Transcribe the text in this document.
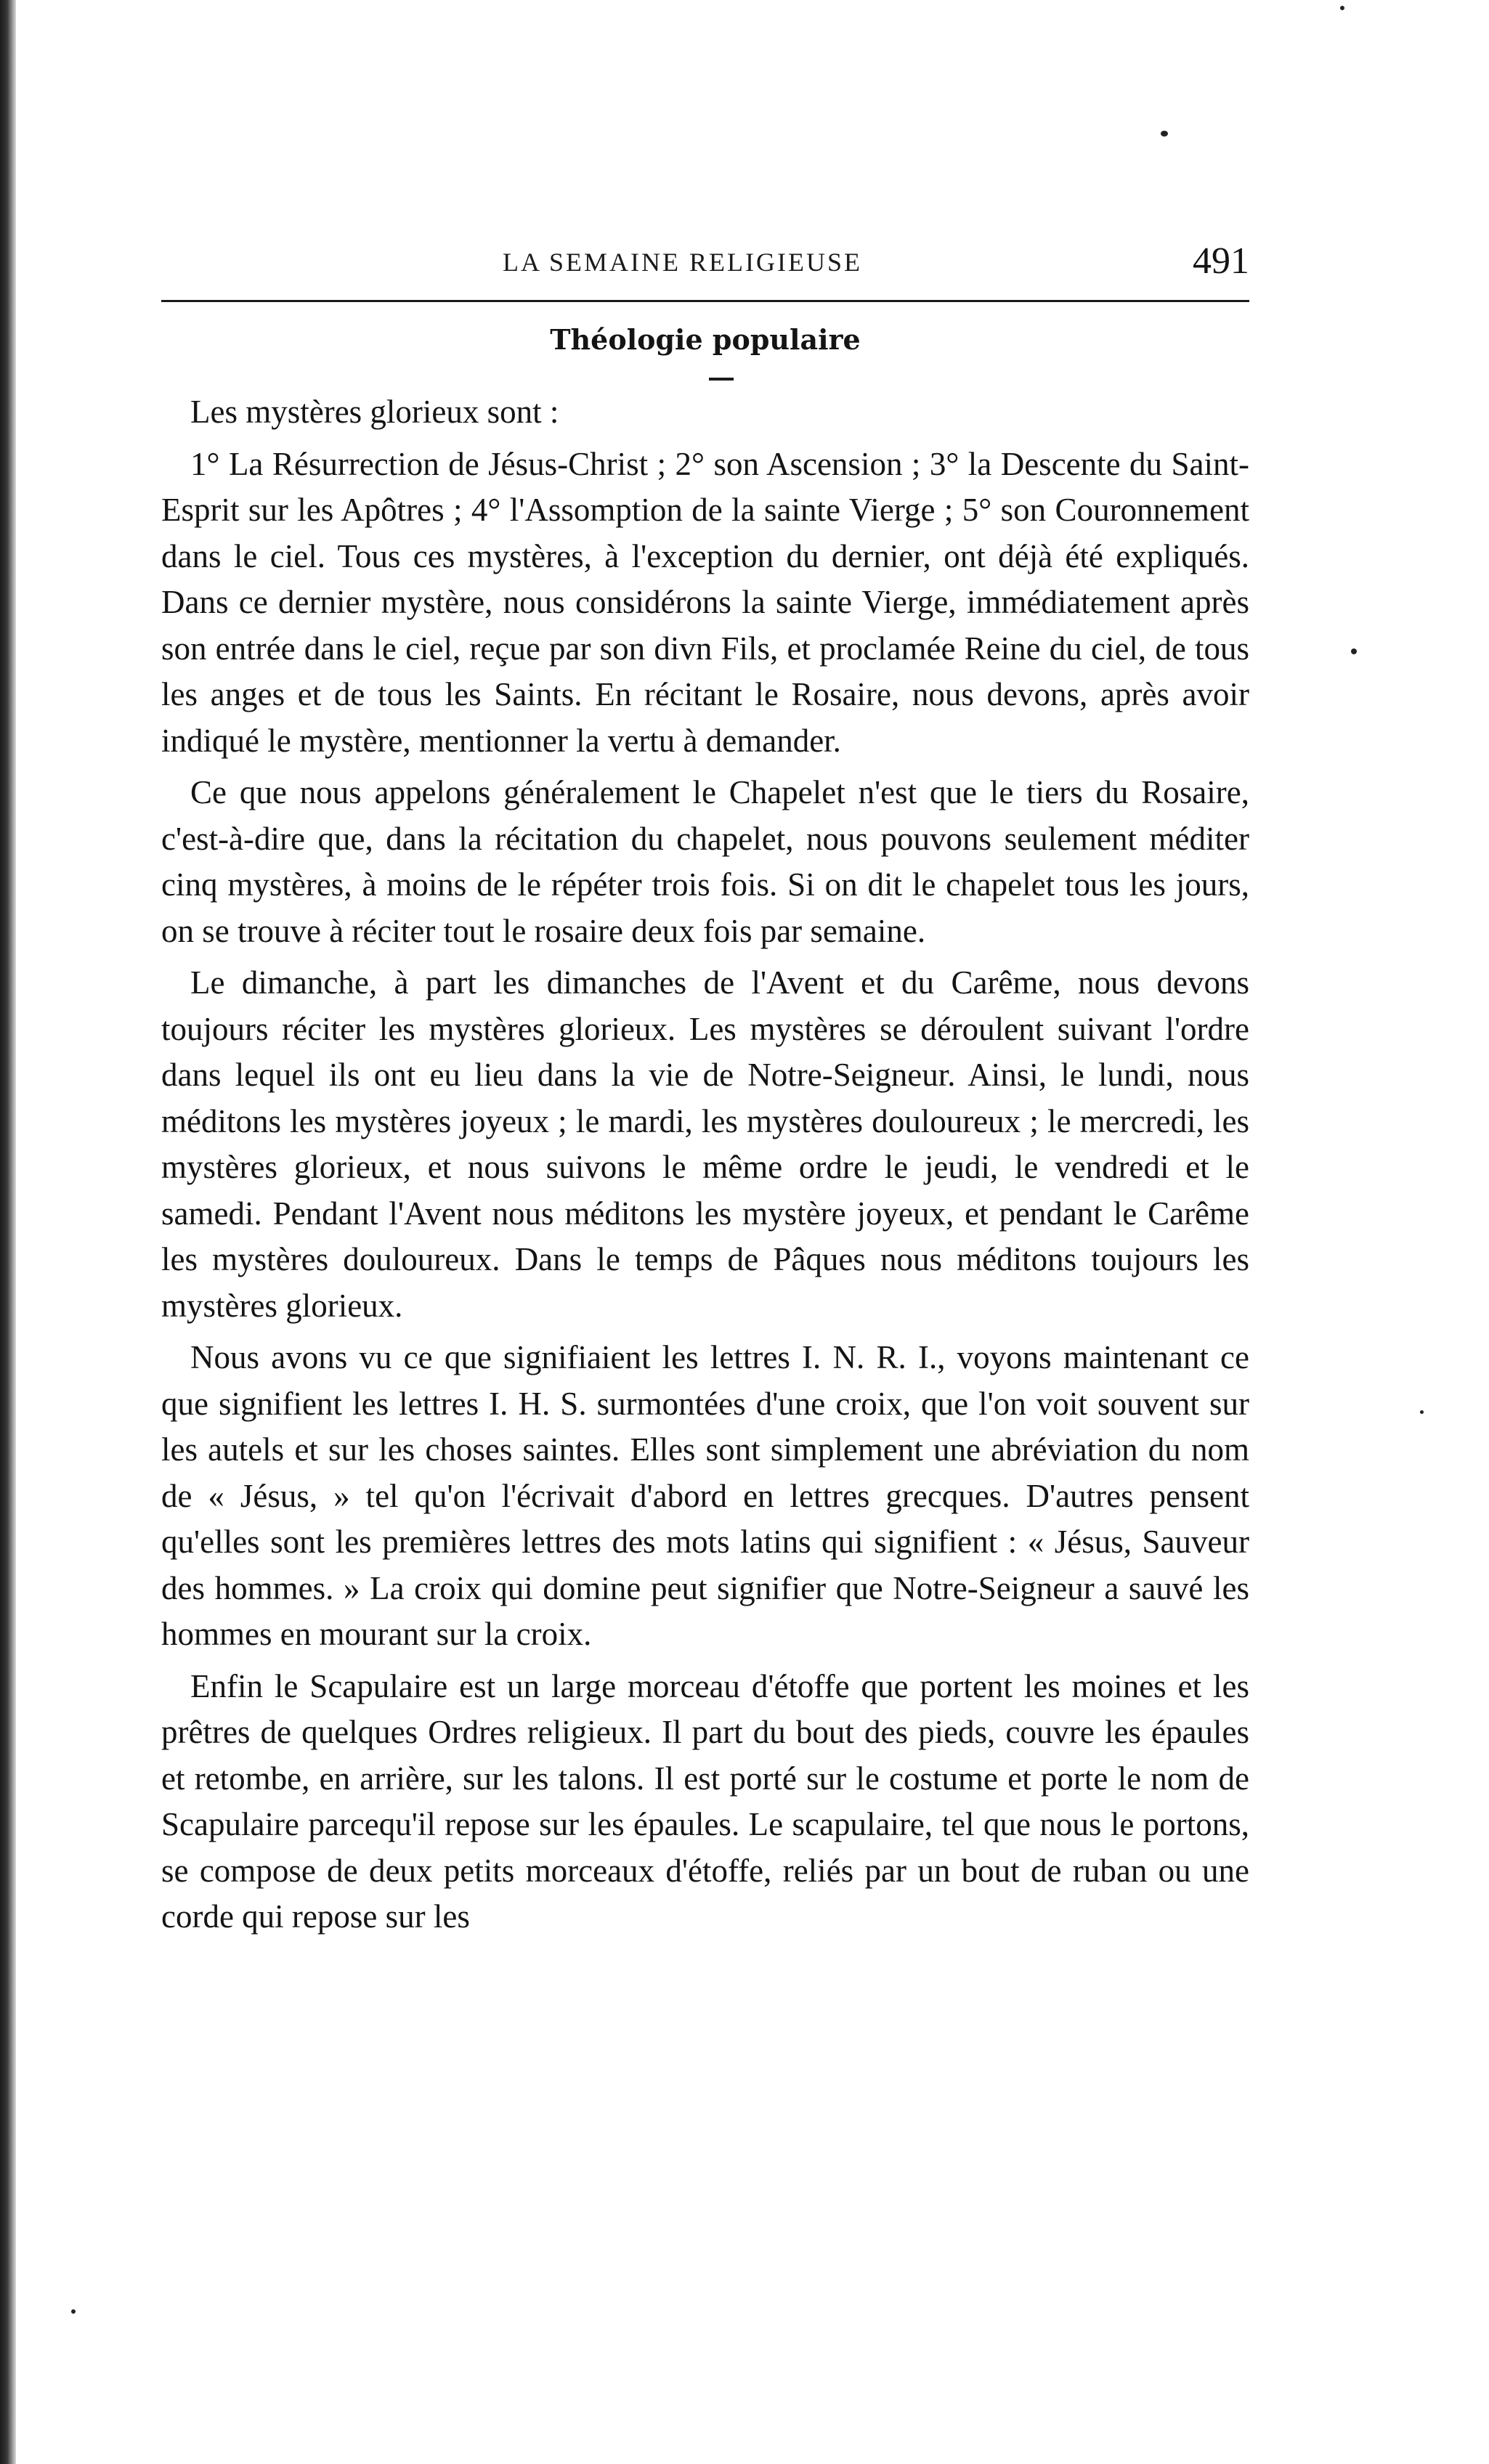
LA SEMAINE RELIGIEUSE	491
Théologie populaire

Les mystères glorieux sont :

1° La Résurrection de Jésus-Christ ; 2° son Ascension ; 3° la Descente du Saint-Esprit sur les Apôtres ; 4° l'Assomption de la sainte Vierge ; 5° son Couronnement dans le ciel. Tous ces mystères, à l'exception du dernier, ont déjà été expliqués. Dans ce dernier mystère, nous considérons la sainte Vierge, immédiatement après son entrée dans le ciel, reçue par son divn Fils, et proclamée Reine du ciel, de tous les anges et de tous les Saints. En récitant le Rosaire, nous devons, après avoir indiqué le mystère, mentionner la vertu à demander.

Ce que nous appelons généralement le Chapelet n'est que le tiers du Rosaire, c'est-à-dire que, dans la récitation du chapelet, nous pouvons seulement méditer cinq mystères, à moins de le répéter trois fois. Si on dit le chapelet tous les jours, on se trouve à réciter tout le rosaire deux fois par semaine.

Le dimanche, à part les dimanches de l'Avent et du Carême, nous devons toujours réciter les mystères glorieux. Les mystères se déroulent suivant l'ordre dans lequel ils ont eu lieu dans la vie de Notre-Seigneur. Ainsi, le lundi, nous méditons les mystères joyeux ; le mardi, les mystères douloureux ; le mercredi, les mystères glorieux, et nous suivons le même ordre le jeudi, le vendredi et le samedi. Pendant l'Avent nous méditons les mystère joyeux, et pendant le Carême les mystères douloureux. Dans le temps de Pâques nous méditons toujours les mystères glorieux.

Nous avons vu ce que signifiaient les lettres I. N. R. I., voyons maintenant ce que signifient les lettres I. H. S. surmontées d'une croix, que l'on voit souvent sur les autels et sur les choses saintes. Elles sont simplement une abréviation du nom de « Jésus, » tel qu'on l'écrivait d'abord en lettres grecques. D'autres pensent qu'elles sont les premières lettres des mots latins qui signifient : « Jésus, Sauveur des hommes. » La croix qui domine peut signifier que Notre-Seigneur a sauvé les hommes en mourant sur la croix.

Enfin le Scapulaire est un large morceau d'étoffe que portent les moines et les prêtres de quelques Ordres religieux. Il part du bout des pieds, couvre les épaules et retombe, en arrière, sur les talons. Il est porté sur le costume et porte le nom de Scapulaire parcequ'il repose sur les épaules. Le scapulaire, tel que nous le portons, se compose de deux petits morceaux d'étoffe, reliés par un bout de ruban ou une corde qui repose sur les
